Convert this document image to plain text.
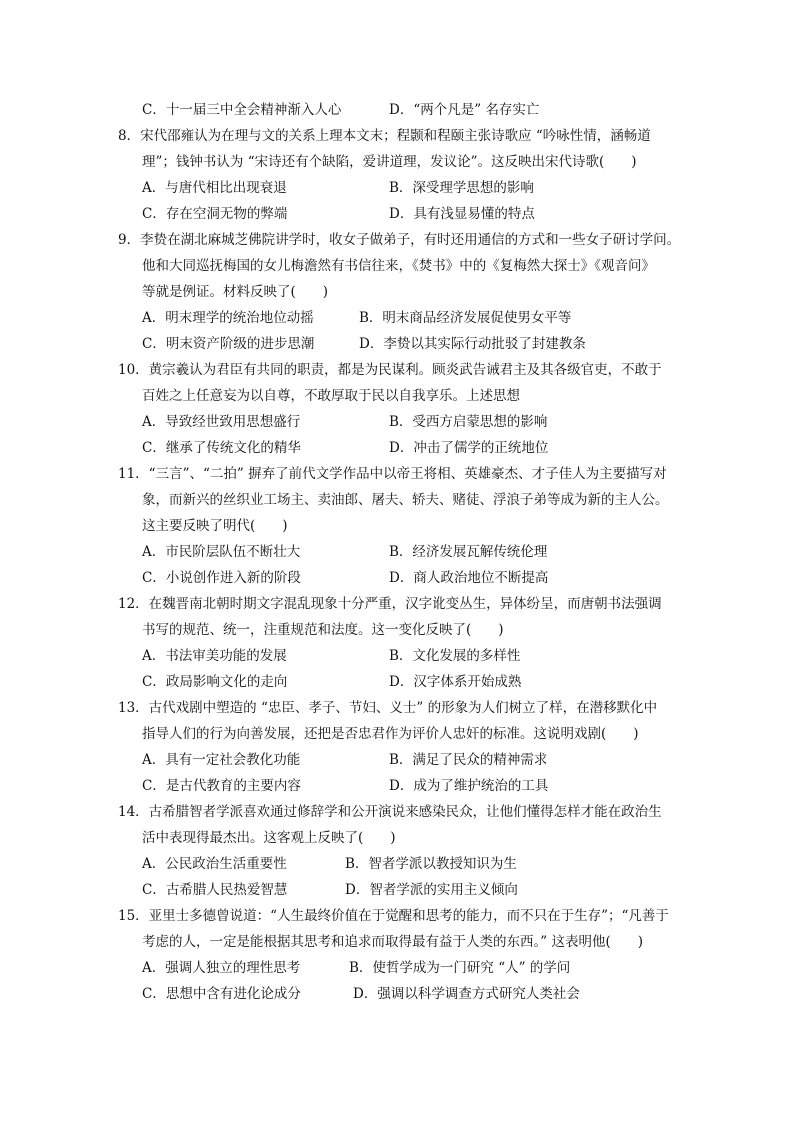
C．十一届三中全会精神渐入人心	D．“两个凡是” 名存实亡
8．宋代邵雍认为在理与文的关系上理本文末；程颢和程颐主张诗歌应 “吟咏性情，涵畅道
理”；钱钟书认为 “宋诗还有个缺陷，爱讲道理，发议论”。这反映出宋代诗歌(　　)
A．与唐代相比出现衰退	B．深受理学思想的影响
C．存在空洞无物的弊端	D．具有浅显易懂的特点
9．李贽在湖北麻城芝佛院讲学时，收女子做弟子，有时还用通信的方式和一些女子研讨学问。
他和大同巡抚梅国的女儿梅澹然有书信往来，《焚书》中的《复梅然大探士》《观音问》
等就是例证。材料反映了(　　)
A．明末理学的统治地位动摇	B．明末商品经济发展促使男女平等
C．明末资产阶级的进步思潮	D．李贽以其实际行动批驳了封建教条
10．黄宗羲认为君臣有共同的职责，都是为民谋利。顾炎武告诫君主及其各级官吏，不敢于
百姓之上任意妄为以自尊，不敢厚取于民以自我享乐。上述思想
A．导致经世致用思想盛行	B．受西方启蒙思想的影响
C．继承了传统文化的精华	D．冲击了儒学的正统地位
11．“三言”、“二拍” 摒弃了前代文学作品中以帝王将相、英雄豪杰、才子佳人为主要描写对
象，而新兴的丝织业工场主、卖油郎、屠夫、轿夫、赌徒、浮浪子弟等成为新的主人公。
这主要反映了明代(　　)
A．市民阶层队伍不断壮大	B．经济发展瓦解传统伦理
C．小说创作进入新的阶段	D．商人政治地位不断提高
12．在魏晋南北朝时期文字混乱现象十分严重，汉字讹变丛生，异体纷呈，而唐朝书法强调
书写的规范、统一，注重规范和法度。这一变化反映了(　　)
A．书法审美功能的发展	B．文化发展的多样性
C．政局影响文化的走向	D．汉字体系开始成熟
13．古代戏剧中塑造的 “忠臣、孝子、节妇、义士” 的形象为人们树立了样，在潜移默化中
指导人们的行为向善发展，还把是否忠君作为评价人忠奸的标准。这说明戏剧(　　)
A．具有一定社会教化功能	B．满足了民众的精神需求
C．是古代教育的主要内容	D．成为了维护统治的工具
14．古希腊智者学派喜欢通过修辞学和公开演说来感染民众，让他们懂得怎样才能在政治生
活中表现得最杰出。这客观上反映了(　　)
A．公民政治生活重要性	B．智者学派以教授知识为生
C．古希腊人民热爱智慧	D．智者学派的实用主义倾向
15．亚里士多德曾说道：“人生最终价值在于觉醒和思考的能力，而不只在于生存”；“凡善于
考虑的人，一定是能根据其思考和追求而取得最有益于人类的东西。” 这表明他(　　)
A．强调人独立的理性思考	B．使哲学成为一门研究 “人” 的学问
C．思想中含有进化论成分	D．强调以科学调查方式研究人类社会
